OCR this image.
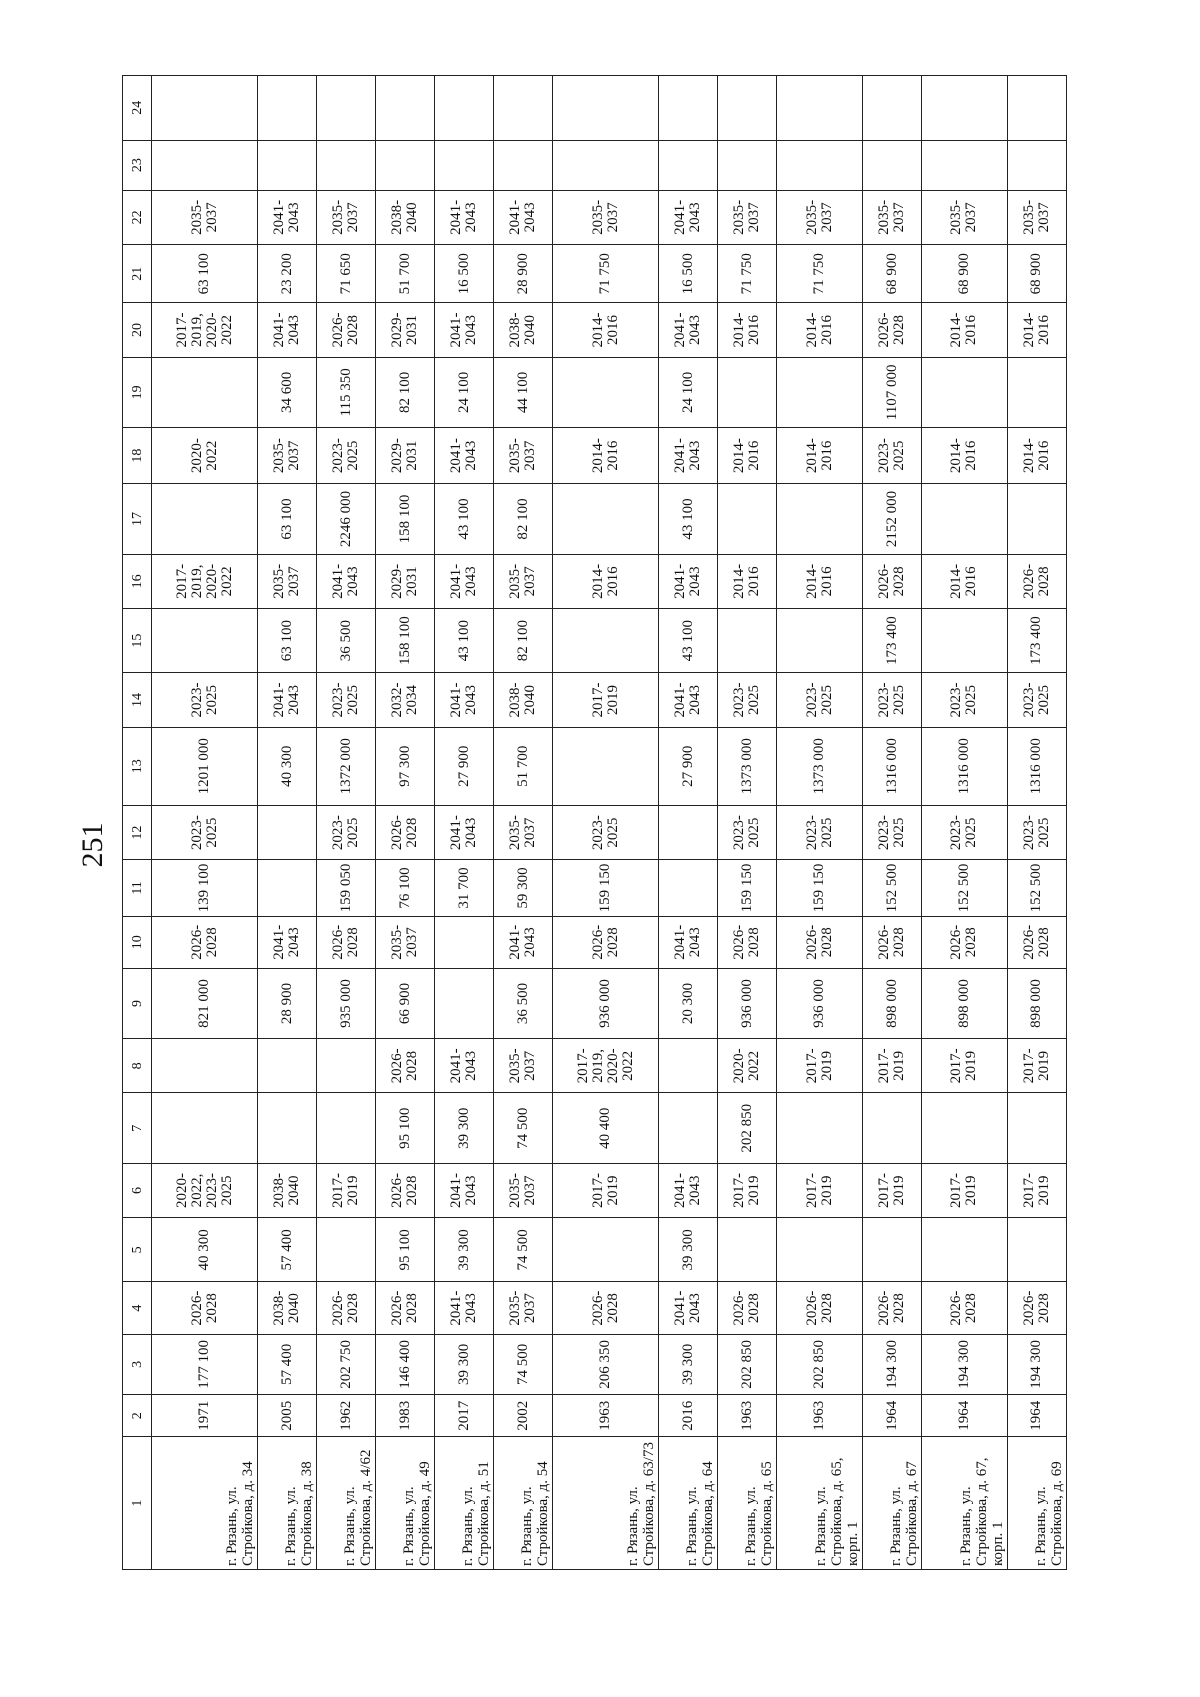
251
1	2	3	4	5	6	7	8	9	10	11	12	13	14	15	16	17	18	19	20	21	22	23	24
г. Рязань, ул. Стройкова, д. 34	1971	177 100	2026-
2028	40 300	2020-
2022,
2023-
2025			821 000	2026-
2028	139 100	2023-
2025	1201 000	2023-
2025		2017-
2019,
2020-
2022		2020-
2022		2017-
2019,
2020-
2022	63 100	2035-
2037		
г. Рязань, ул. Стройкова, д. 38	2005	57 400	2038-
2040	57 400	2038-
2040			28 900	2041-
2043			40 300	2041-
2043	63 100	2035-
2037	63 100	2035-
2037	34 600	2041-
2043	23 200	2041-
2043		
г. Рязань, ул. Стройкова, д. 4/62	1962	202 750	2026-
2028		2017-
2019			935 000	2026-
2028	159 050	2023-
2025	1372 000	2023-
2025	36 500	2041-
2043	2246 000	2023-
2025	115 350	2026-
2028	71 650	2035-
2037		
г. Рязань, ул. Стройкова, д. 49	1983	146 400	2026-
2028	95 100	2026-
2028	95 100	2026-
2028	66 900	2035-
2037	76 100	2026-
2028	97 300	2032-
2034	158 100	2029-
2031	158 100	2029-
2031	82 100	2029-
2031	51 700	2038-
2040		
г. Рязань, ул. Стройкова, д. 51	2017	39 300	2041-
2043	39 300	2041-
2043	39 300	2041-
2043			31 700	2041-
2043	27 900	2041-
2043	43 100	2041-
2043	43 100	2041-
2043	24 100	2041-
2043	16 500	2041-
2043		
г. Рязань, ул. Стройкова, д. 54	2002	74 500	2035-
2037	74 500	2035-
2037	74 500	2035-
2037	36 500	2041-
2043	59 300	2035-
2037	51 700	2038-
2040	82 100	2035-
2037	82 100	2035-
2037	44 100	2038-
2040	28 900	2041-
2043		
г. Рязань, ул. Стройкова, д. 63/73	1963	206 350	2026-
2028		2017-
2019	40 400	2017-
2019,
2020-
2022	936 000	2026-
2028	159 150	2023-
2025		2017-
2019		2014-
2016		2014-
2016		2014-
2016	71 750	2035-
2037		
г. Рязань, ул. Стройкова, д. 64	2016	39 300	2041-
2043	39 300	2041-
2043			20 300	2041-
2043			27 900	2041-
2043	43 100	2041-
2043	43 100	2041-
2043	24 100	2041-
2043	16 500	2041-
2043		
г. Рязань, ул. Стройкова, д. 65	1963	202 850	2026-
2028		2017-
2019	202 850	2020-
2022	936 000	2026-
2028	159 150	2023-
2025	1373 000	2023-
2025		2014-
2016		2014-
2016		2014-
2016	71 750	2035-
2037		
г. Рязань, ул. Стройкова, д. 65, корп. 1	1963	202 850	2026-
2028		2017-
2019		2017-
2019	936 000	2026-
2028	159 150	2023-
2025	1373 000	2023-
2025		2014-
2016		2014-
2016		2014-
2016	71 750	2035-
2037		
г. Рязань, ул. Стройкова, д. 67	1964	194 300	2026-
2028		2017-
2019		2017-
2019	898 000	2026-
2028	152 500	2023-
2025	1316 000	2023-
2025	173 400	2026-
2028	2152 000	2023-
2025	1107 000	2026-
2028	68 900	2035-
2037		
г. Рязань, ул. Стройкова, д. 67, корп. 1	1964	194 300	2026-
2028		2017-
2019		2017-
2019	898 000	2026-
2028	152 500	2023-
2025	1316 000	2023-
2025		2014-
2016		2014-
2016		2014-
2016	68 900	2035-
2037		
г. Рязань, ул. Стройкова, д. 69	1964	194 300	2026-
2028		2017-
2019		2017-
2019	898 000	2026-
2028	152 500	2023-
2025	1316 000	2023-
2025	173 400	2026-
2028		2014-
2016		2014-
2016	68 900	2035-
2037		
